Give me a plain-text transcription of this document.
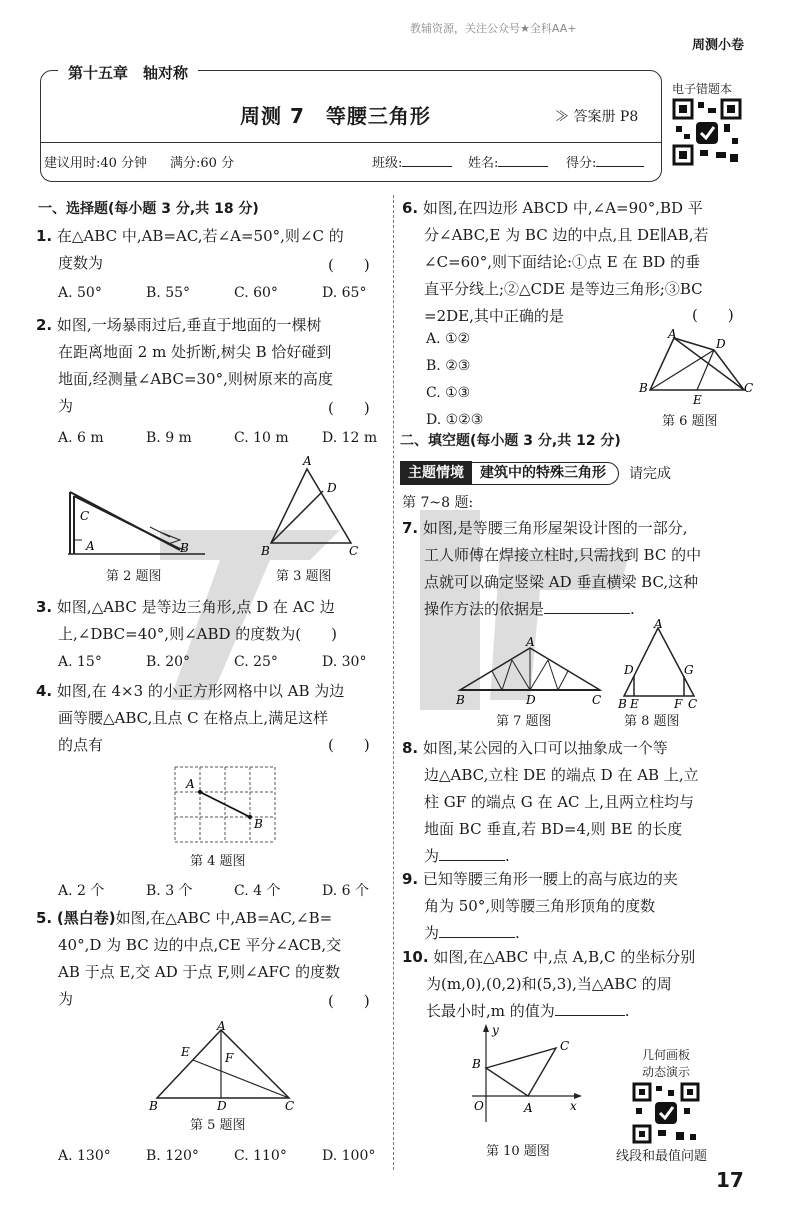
教辅资源，关注公众号★全科AA+
周测小卷
第十五章　轴对称
周测 7　等腰三角形	≫ 答案册 P8
建议用时:40 分钟 满分:60 分	班级:	姓名:	得分:
电子错题本
一、选择题(每小题 3 分,共 18 分)
1. 在△ABC 中,AB=AC,若∠A=50°,则∠C 的
度数为	(　　)
A. 50°	B. 55°	C. 60°	D. 65°
2. 如图,一场暴雨过后,垂直于地面的一棵树
在距离地面 2 m 处折断,树尖 B 恰好碰到
地面,经测量∠ABC=30°,则树原来的高度
为	(　　)
A. 6 m	B. 9 m	C. 10 m	D. 12 m
C
A	B
第 2 题图
A
D
B	C
第 3 题图
3. 如图,△ABC 是等边三角形,点 D 在 AC 边
上,∠DBC=40°,则∠ABD 的度数为(　　)
A. 15°	B. 20°	C. 25°	D. 30°
4. 如图,在 4×3 的小正方形网格中以 AB 为边
画等腰△ABC,且点 C 在格点上,满足这样
的点有	(　　)
A
B
第 4 题图
A. 2 个	B. 3 个	C. 4 个	D. 6 个
5. (黑白卷)如图,在△ABC 中,AB=AC,∠B=
40°,D 为 BC 边的中点,CE 平分∠ACB,交
AB 于点 E,交 AD 于点 F,则∠AFC 的度数
为	(　　)
A
E	F
B	D	C
第 5 题图
A. 130°	B. 120°	C. 110°	D. 100°
6. 如图,在四边形 ABCD 中,∠A=90°,BD 平
分∠ABC,E 为 BC 边的中点,且 DE∥AB,若
∠C=60°,则下面结论:①点 E 在 BD 的垂
直平分线上;②△CDE 是等边三角形;③BC
=2DE,其中正确的是	(　　)
A. ①②
B. ②③
C. ①③
D. ①②③
A
D
B
E
C
第 6 题图
二、填空题(每小题 3 分,共 12 分)
主题情境	建筑中的特殊三角形	请完成
第 7~8 题:
7. 如图,是等腰三角形屋架设计图的一部分,
工人师傅在焊接立柱时,只需找到 BC 的中
点就可以确定竖梁 AD 垂直横梁 BC,这种
操作方法的依据是	.
A
B	D	C
第 7 题图
A
D	G
B E	F C
第 8 题图
8. 如图,某公园的入口可以抽象成一个等
边△ABC,立柱 DE 的端点 D 在 AB 上,立
柱 GF 的端点 G 在 AC 上,且两立柱均与
地面 BC 垂直,若 BD=4,则 BE 的长度
为	.
9. 已知等腰三角形一腰上的高与底边的夹
角为 50°,则等腰三角形顶角的度数
为	.
10. 如图,在△ABC 中,点 A,B,C 的坐标分别
为(m,0),(0,2)和(5,3),当△ABC 的周
长最小时,m 的值为	.
y
C
B
O	A	x
第 10 题图
几何画板
动态演示
线段和最值问题
17
